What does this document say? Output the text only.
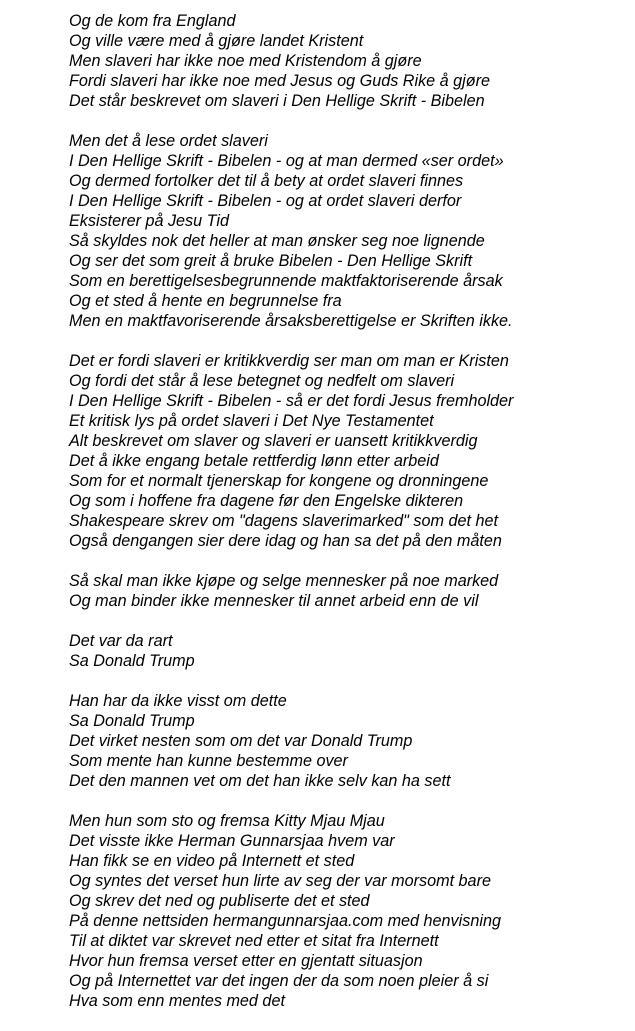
Og de kom fra England
Og ville være med å gjøre landet Kristent
Men slaveri har ikke noe med Kristendom å gjøre
Fordi slaveri har ikke noe med Jesus og Guds Rike å gjøre
Det står beskrevet om slaveri i Den Hellige Skrift - Bibelen
Men det å lese ordet slaveri
I Den Hellige Skrift - Bibelen - og at man dermed «ser ordet»
Og dermed fortolker det til å bety at ordet slaveri finnes
I Den Hellige Skrift - Bibelen - og at ordet slaveri derfor
Eksisterer på Jesu Tid
Så skyldes nok det heller at man ønsker seg noe lignende
Og ser det som greit å bruke Bibelen - Den Hellige Skrift
Som en berettigelsesbegrunnende maktfaktoriserende årsak
Og et sted å hente en begrunnelse fra
Men en maktfavoriserende årsaksberettigelse er Skriften ikke.
Det er fordi slaveri er kritikkverdig ser man om man er Kristen
Og fordi det står å lese betegnet og nedfelt om slaveri
I Den Hellige Skrift - Bibelen - så er det fordi Jesus fremholder
Et kritisk lys på ordet slaveri i Det Nye Testamentet
Alt beskrevet om slaver og slaveri er uansett kritikkverdig
Det å ikke engang betale rettferdig lønn etter arbeid
Som for et normalt tjenerskap for kongene og dronningene
Og som i hoffene fra dagene før den Engelske dikteren
Shakespeare skrev om "dagens slaverimarked" som det het
Også dengangen sier dere idag og han sa det på den måten
Så skal man ikke kjøpe og selge mennesker på noe marked
Og man binder ikke mennesker til annet arbeid enn de vil
Det var da rart
Sa Donald Trump
Han har da ikke visst om dette
Sa Donald Trump
Det virket nesten som om det var Donald Trump
Som mente han kunne bestemme over
Det den mannen vet om det han ikke selv kan ha sett
Men hun som sto og fremsa Kitty Mjau Mjau
Det visste ikke Herman Gunnarsjaa hvem var
Han fikk se en video på Internett et sted
Og syntes det verset hun lirte av seg der var morsomt bare
Og skrev det ned og publiserte det et sted
På denne nettsiden hermangunnarsjaa.com med henvisning
Til at diktet var skrevet ned etter et sitat fra Internett
Hvor hun fremsa verset etter en gjentatt situasjon
Og på Internettet var det ingen der da som noen pleier å si
Hva som enn mentes med det
